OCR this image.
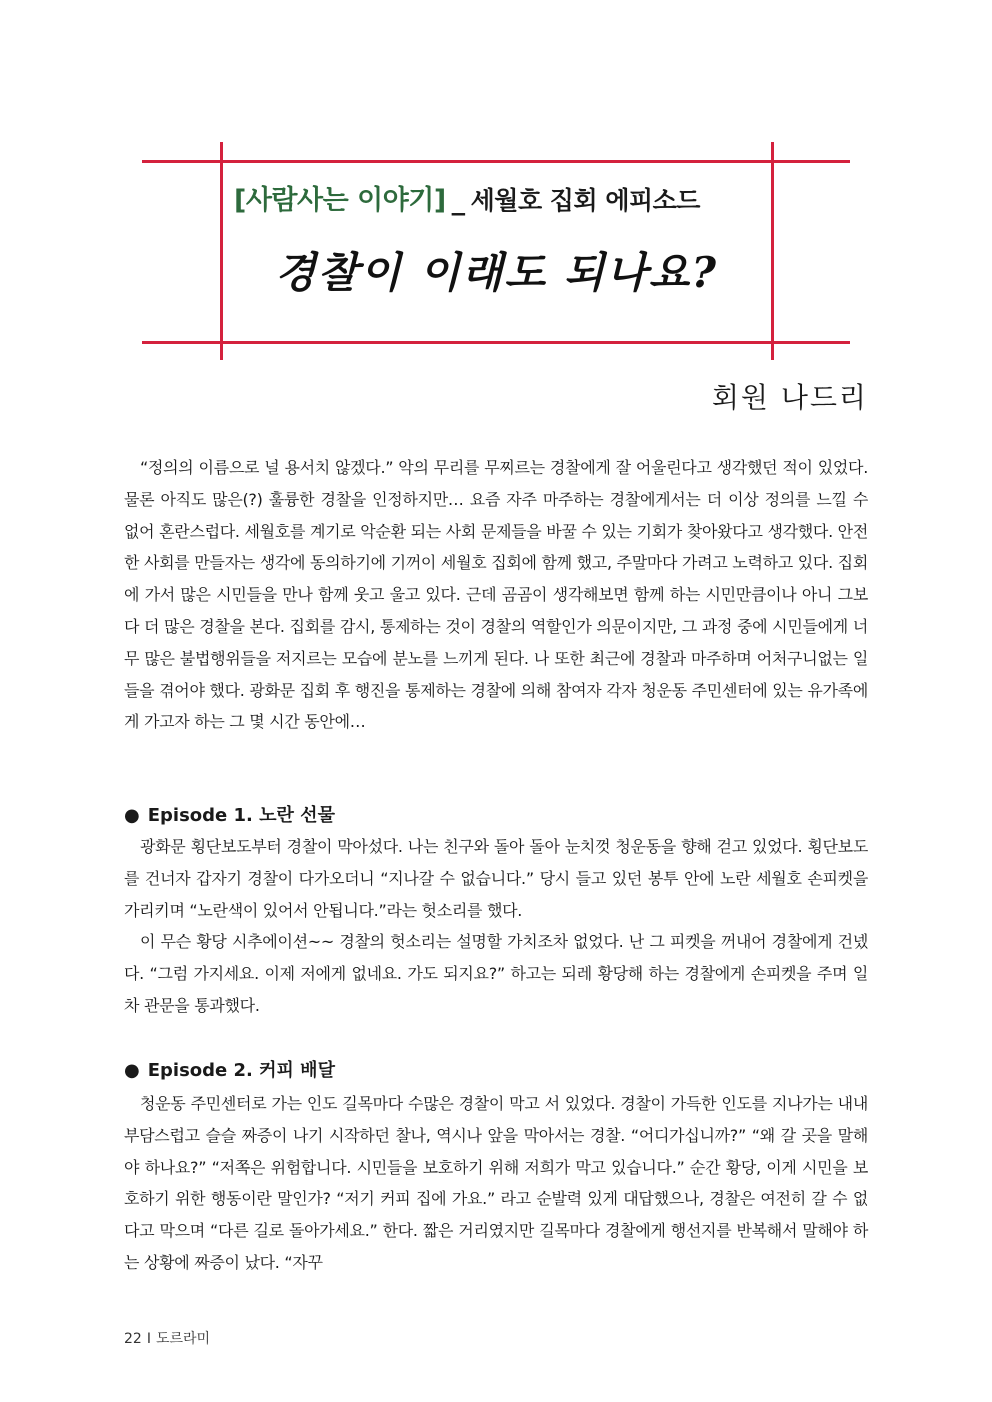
[사람사는 이야기] _ 세월호 집회 에피소드
경찰이 이래도 되나요?
회원 나드리

“정의의 이름으로 널 용서치 않겠다.” 악의 무리를 무찌르는 경찰에게 잘 어울린다고 생각했던 적이 있었다. 물론 아직도 많은(?) 훌륭한 경찰을 인정하지만… 요즘 자주 마주하는 경찰에게서는 더 이상 정의를 느낄 수 없어 혼란스럽다. 세월호를 계기로 악순환 되는 사회 문제들을 바꿀 수 있는 기회가 찾아왔다고 생각했다. 안전한 사회를 만들자는 생각에 동의하기에 기꺼이 세월호 집회에 함께 했고, 주말마다 가려고 노력하고 있다. 집회에 가서 많은 시민들을 만나 함께 웃고 울고 있다. 근데 곰곰이 생각해보면 함께 하는 시민만큼이나 아니 그보다 더 많은 경찰을 본다. 집회를 감시, 통제하는 것이 경찰의 역할인가 의문이지만, 그 과정 중에 시민들에게 너무 많은 불법행위들을 저지르는 모습에 분노를 느끼게 된다. 나 또한 최근에 경찰과 마주하며 어처구니없는 일들을 겪어야 했다. 광화문 집회 후 행진을 통제하는 경찰에 의해 참여자 각자 청운동 주민센터에 있는 유가족에게 가고자 하는 그 몇 시간 동안에…

● Episode 1. 노란 선물

광화문 횡단보도부터 경찰이 막아섰다. 나는 친구와 돌아 돌아 눈치껏 청운동을 향해 걷고 있었다. 횡단보도를 건너자 갑자기 경찰이 다가오더니 “지나갈 수 없습니다.” 당시 들고 있던 봉투 안에 노란 세월호 손피켓을 가리키며 “노란색이 있어서 안됩니다.”라는 헛소리를 했다.

이 무슨 황당 시추에이션~~ 경찰의 헛소리는 설명할 가치조차 없었다. 난 그 피켓을 꺼내어 경찰에게 건넸다. “그럼 가지세요. 이제 저에게 없네요. 가도 되지요?” 하고는 되레 황당해 하는 경찰에게 손피켓을 주며 일차 관문을 통과했다.

● Episode 2. 커피 배달

청운동 주민센터로 가는 인도 길목마다 수많은 경찰이 막고 서 있었다. 경찰이 가득한 인도를 지나가는 내내 부담스럽고 슬슬 짜증이 나기 시작하던 찰나, 역시나 앞을 막아서는 경찰. “어디가십니까?” “왜 갈 곳을 말해야 하나요?” “저쪽은 위험합니다. 시민들을 보호하기 위해 저희가 막고 있습니다.” 순간 황당, 이게 시민을 보호하기 위한 행동이란 말인가? “저기 커피 집에 가요.” 라고 순발력 있게 대답했으나, 경찰은 여전히 갈 수 없다고 막으며 “다른 길로 돌아가세요.” 한다. 짧은 거리였지만 길목마다 경찰에게 행선지를 반복해서 말해야 하는 상황에 짜증이 났다. “자꾸

22 Ⅰ 도르라미
